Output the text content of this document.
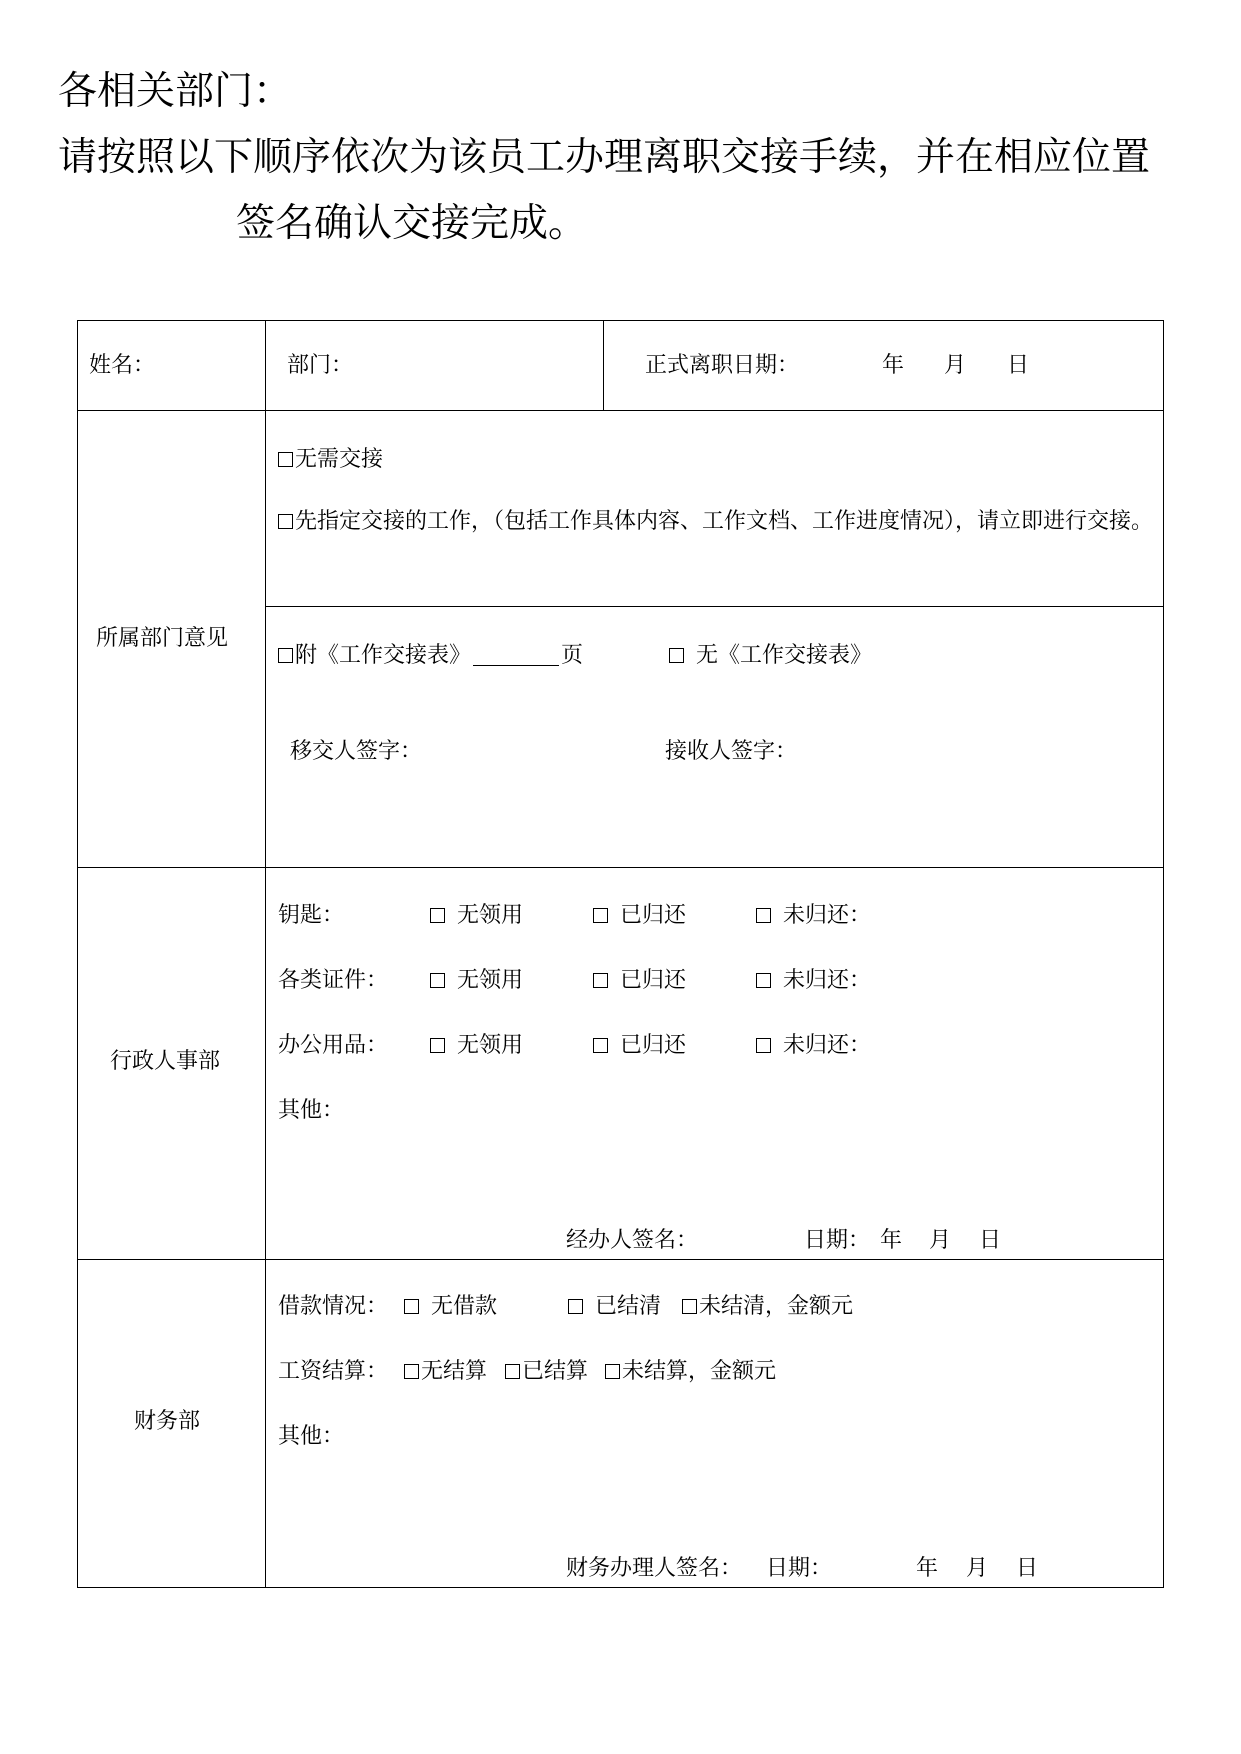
各相关部门：
请按照以下顺序依次为该员工办理离职交接手续，并在相应位置
签名确认交接完成。
姓名：	部门：	正式离职日期：	年 月 日
所属部门意见
无需交接
先指定交接的工作，（包括工作具体内容、工作文档、工作进度情况），请立即进行交接。
附《工作交接表》	页	无《工作交接表》
移交人签字：	接收人签字：
行政人事部
钥匙：	无领用	已归还	未归还：
各类证件：	无领用	已归还	未归还：
办公用品：	无领用	已归还	未归还：
其他：
经办人签名：	日期： 年 月 日
财务部
借款情况：	无借款	已结清	未结清，金额元
工资结算：	无结算	已结算	未结算，金额元
其他：
财务办理人签名： 日期：	年 月 日
